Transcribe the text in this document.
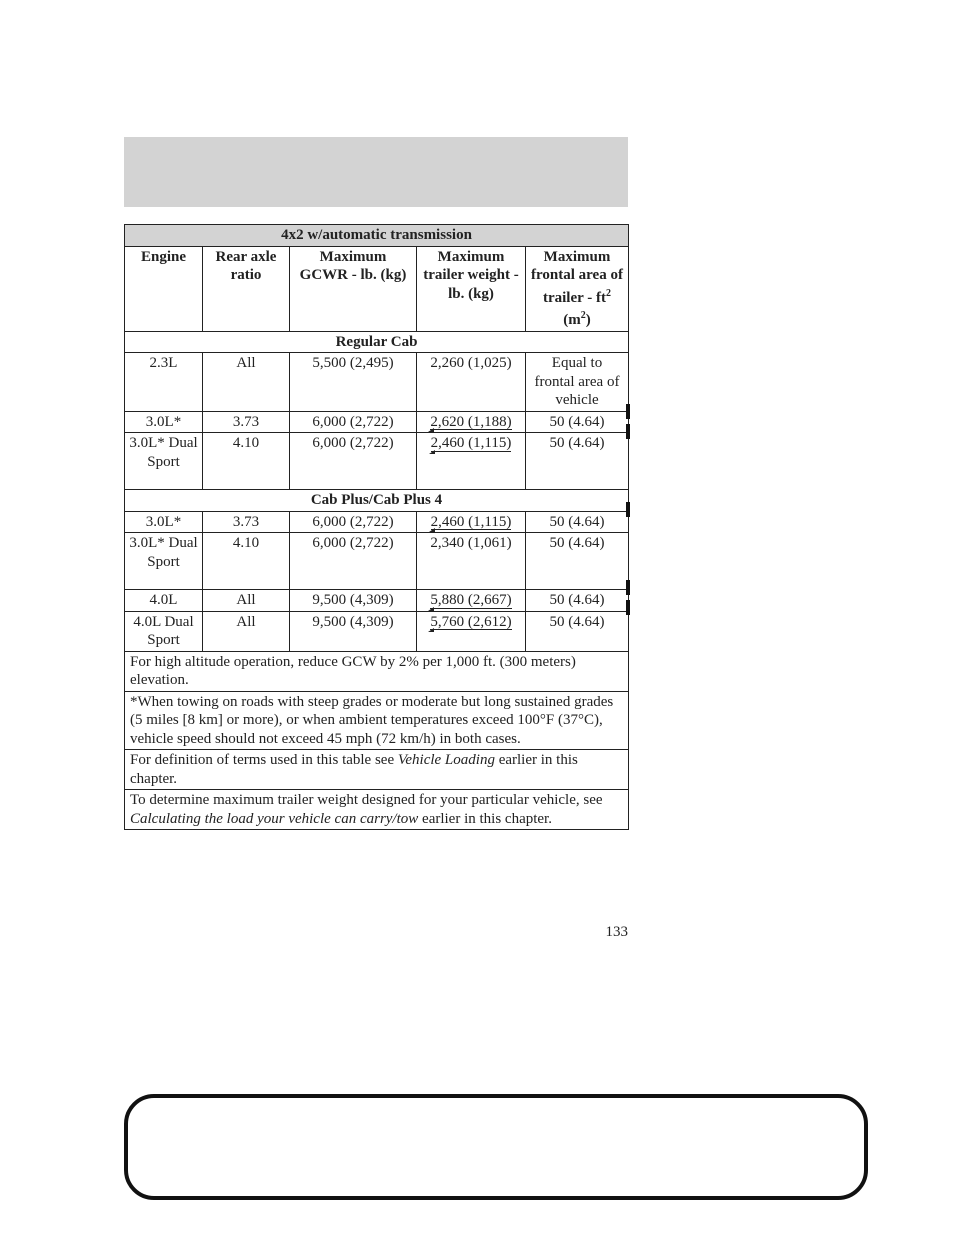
4x2 w/automatic transmission				
Engine	Rear axle ratio	Maximum GCWR - lb. (kg)	Maximum trailer weight - lb. (kg)	Maximum frontal area of trailer - $ft^2$ $(m^2)$
Regular Cab				
2.3L	All	5,500 (2,495)	2,260 (1,025)	Equal to frontal area of vehicle
3.0L*	3.73	6,000 (2,722)	2,620 (1,188)	50 (4.64)
3.0L* Dual Sport	4.10	6,000 (2,722)	2,460 (1,115)	50 (4.64)
Cab Plus/Cab Plus 4				
3.0L*	3.73	6,000 (2,722)	2,460 (1,115)	50 (4.64)
3.0L* Dual Sport	4.10	6,000 (2,722)	2,340 (1,061)	50 (4.64)
4.0L	All	9,500 (4,309)	5,880 (2,667)	50 (4.64)
4.0L Dual Sport	All	9,500 (4,309)	5,760 (2,612)	50 (4.64)
For high altitude operation, reduce GCW by 2% per 1,000 ft. (300 meters) elevation.				
*When towing on roads with steep grades or moderate but long sustained grades (5 miles [8 km] or more), or when ambient temperatures exceed 100°F (37°C), vehicle speed should not exceed 45 mph (72 km/h) in both cases.				
For definition of terms used in this table see Vehicle Loading earlier in this chapter.				
To determine maximum trailer weight designed for your particular vehicle, see Calculating the load your vehicle can carry/tow earlier in this chapter.				
133
